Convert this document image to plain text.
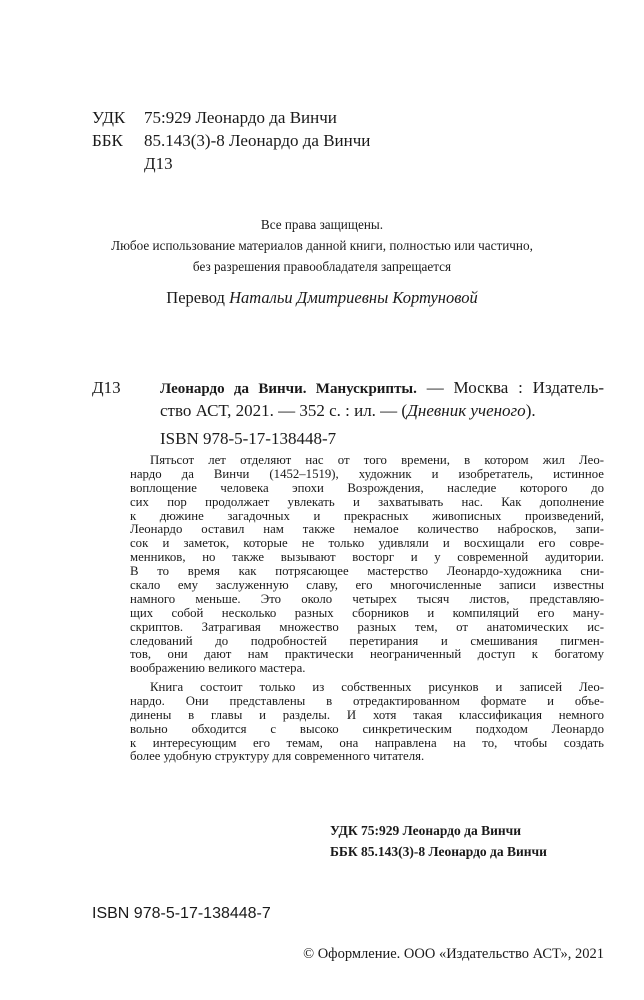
УДК	75:929 Леонардо да Винчи
ББК	85.143(3)-8 Леонардо да Винчи
Д13
Все права защищены.
Любое использование материалов данной книги, полностью или частично,
без разрешения правообладателя запрещается
Перевод Натальи Дмитриевны Кортуновой
Д13	Леонардо да Винчи. Манускрипты. — Москва : Издатель-
ство АСТ, 2021. — 352 с. : ил. — (Дневник ученого).
ISBN 978-5-17-138448-7
Пятьсот лет отделяют нас от того времени, в котором жил Лео-
нардо да Винчи (1452–1519), художник и изобретатель, истинное
воплощение человека эпохи Возрождения, наследие которого до
сих пор продолжает увлекать и захватывать нас. Как дополнение
к дюжине загадочных и прекрасных живописных произведений,
Леонардо оставил нам также немалое количество набросков, запи-
сок и заметок, которые не только удивляли и восхищали его совре-
менников, но также вызывают восторг и у современной аудитории.
В то время как потрясающее мастерство Леонардо-художника сни-
скало ему заслуженную славу, его многочисленные записи известны
намного меньше. Это около четырех тысяч листов, представляю-
щих собой несколько разных сборников и компиляций его ману-
скриптов. Затрагивая множество разных тем, от анатомических ис-
следований до подробностей перетирания и смешивания пигмен-
тов, они дают нам практически неограниченный доступ к богатому
воображению великого мастера.
Книга состоит только из собственных рисунков и записей Лео-
нардо. Они представлены в отредактированном формате и объе-
динены в главы и разделы. И хотя такая классификация немного
вольно обходится с высоко синкретическим подходом Леонардо
к интересующим его темам, она направлена на то, чтобы создать
более удобную структуру для современного читателя.
УДК 75:929 Леонардо да Винчи
ББК 85.143(3)-8 Леонардо да Винчи
ISBN 978-5-17-138448-7
© Оформление. ООО «Издательство АСТ», 2021
